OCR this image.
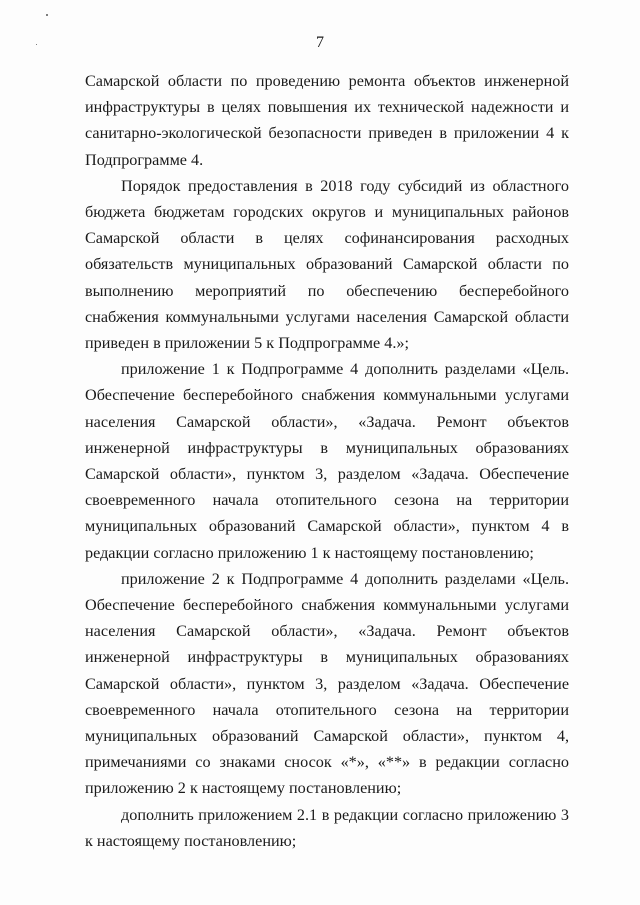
7

Самарской области по проведению ремонта объектов инженерной инфраструктуры в целях повышения их технической надежности и санитарно-экологической безопасности приведен в приложении 4 к Подпрограмме 4.

Порядок предоставления в 2018 году субсидий из областного бюджета бюджетам городских округов и муниципальных районов Самарской области в целях софинансирования расходных обязательств муниципальных образований Самарской области по выполнению мероприятий по обеспечению бесперебойного снабжения коммунальными услугами населения Самарской области приведен в приложении 5 к Подпрограмме 4.»;

приложение 1 к Подпрограмме 4 дополнить разделами «Цель. Обеспечение бесперебойного снабжения коммунальными услугами населения Самарской области», «Задача. Ремонт объектов инженерной инфраструктуры в муниципальных образованиях Самарской области», пунктом 3, разделом «Задача. Обеспечение своевременного начала отопительного сезона на территории муниципальных образований Самарской области», пунктом 4 в редакции согласно приложению 1 к настоящему постановлению;

приложение 2 к Подпрограмме 4 дополнить разделами «Цель. Обеспечение бесперебойного снабжения коммунальными услугами населения Самарской области», «Задача. Ремонт объектов инженерной инфраструктуры в муниципальных образованиях Самарской области», пунктом 3, разделом «Задача. Обеспечение своевременного начала отопительного сезона на территории муниципальных образований Самарской области», пунктом 4, примечаниями со знаками сносок «*», «**» в редакции согласно приложению 2 к настоящему постановлению;

дополнить приложением 2.1 в редакции согласно приложению 3 к настоящему постановлению;
